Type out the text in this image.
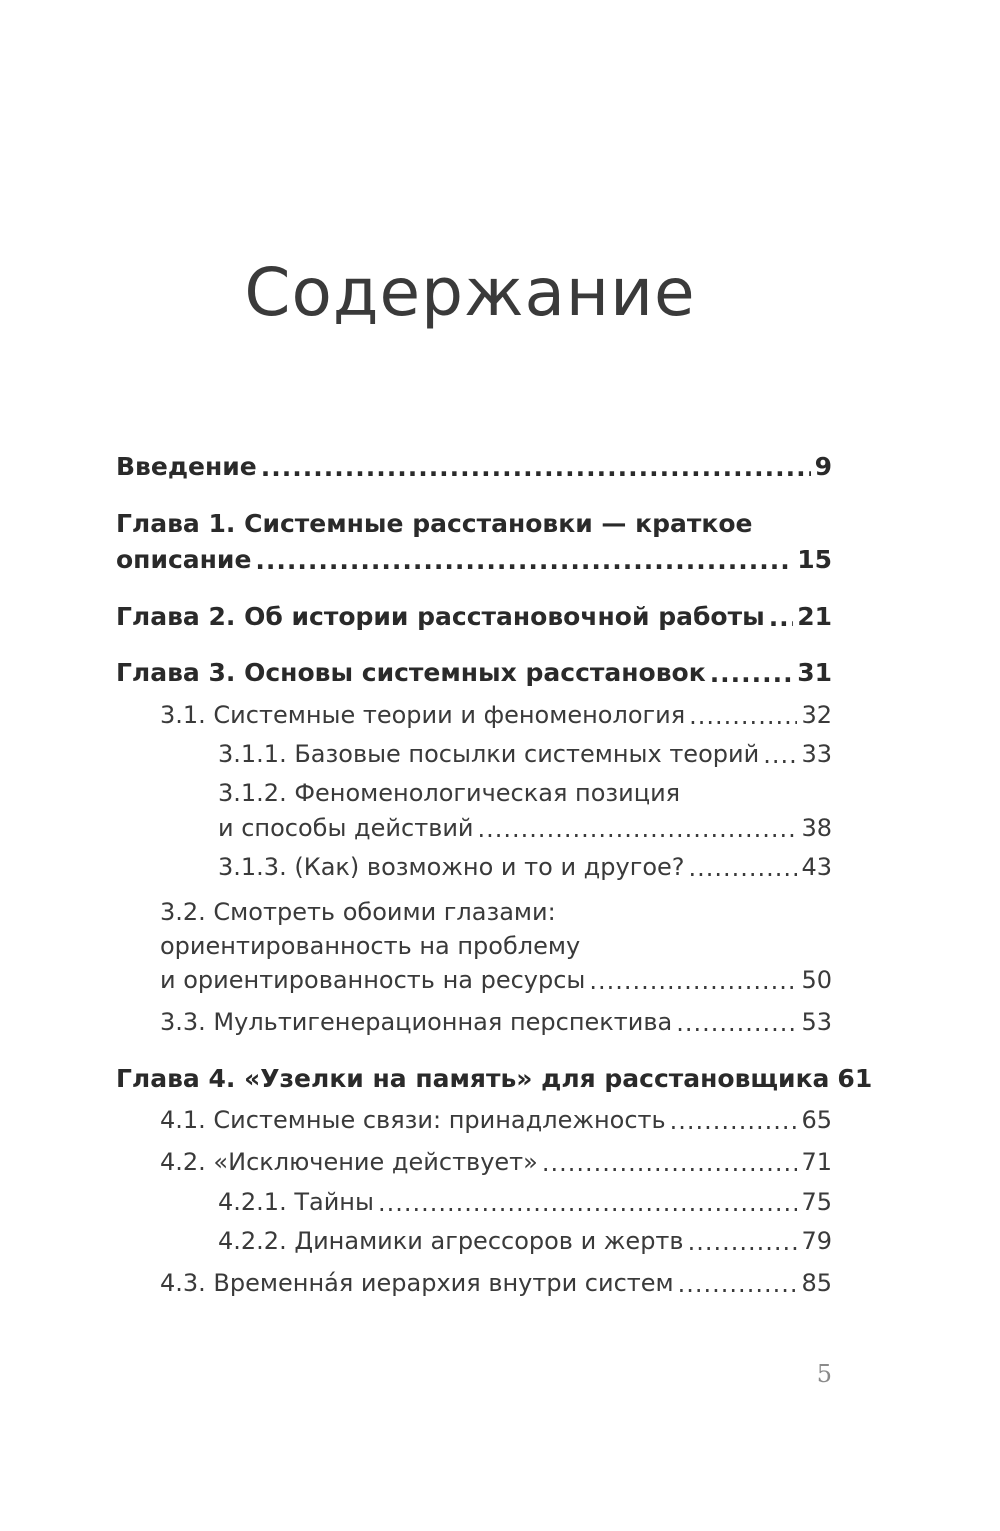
Содержание
Введение .....	9
Глава 1. Системные расстановки — краткое
описание .....	15
Глава 2. Об истории расстановочной работы ..... 21
Глава 3. Основы системных расстановок .....	31
3.1. Системные теории и феноменология .....	32
3.1.1. Базовые посылки системных теорий ..... 33
3.1.2. Феноменологическая позиция
и способы действий .....	38
3.1.3. (Как) возможно и то и другое? .....	43
3.2. Смотреть обоими глазами:
ориентированность на проблему
и ориентированность на ресурсы .....	50
3.3. Мультигенерационная перспектива .....	53
Глава 4. «Узелки на память» для расстановщика 61
4.1. Системные связи: принадлежность .....	65
4.2. «Исключение действует» .....	71
4.2.1. Тайны .....	75
4.2.2. Динамики агрессоров и жертв .....	79
4.3. Временна́я иерархия внутри систем .....	85
5
